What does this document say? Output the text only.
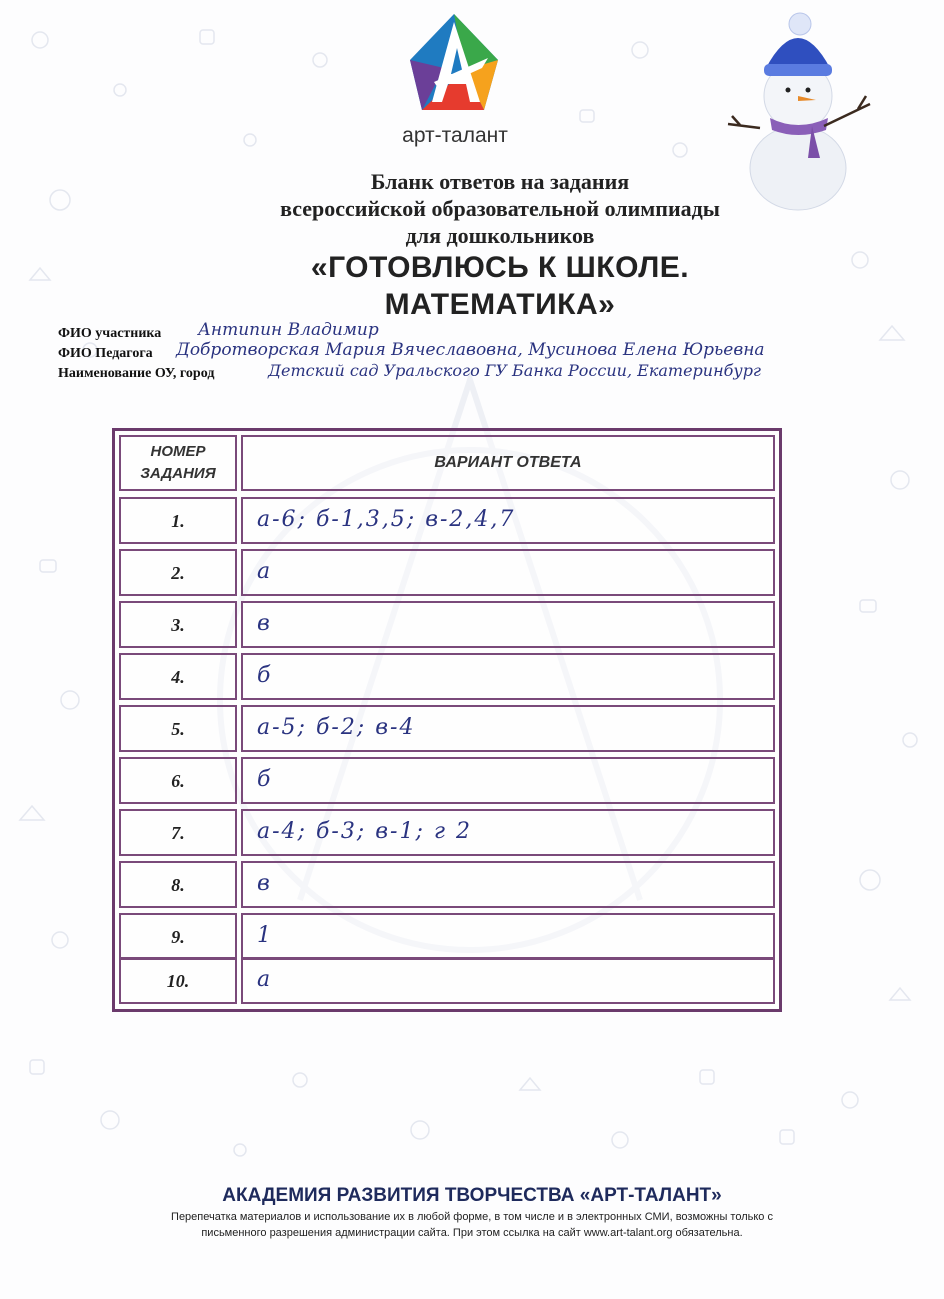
арт-талант
Бланк ответов на задания
всероссийской образовательной олимпиады
для дошкольников
«ГОТОВЛЮСЬ К ШКОЛЕ.
МАТЕМАТИКА»
ФИО участника Антипин Владимир
ФИО Педагога Добротворская Мария Вячеславовна, Мусинова Елена Юрьевна
Наименование ОУ, город	Детский сад Уральского ГУ Банка России, Екатеринбург
НОМЕР
ЗАДАНИЯ
ВАРИАНТ ОТВЕТА
1.	а-6; б-1,3,5; в-2,4,7
2.	а
3.	в
4.	б
5.	а-5; б-2; в-4
6.	б
7.	а-4; б-3; в-1; г 2
8.	в
9.	1
10.	а
АКАДЕМИЯ РАЗВИТИЯ ТВОРЧЕСТВА «АРТ-ТАЛАНТ»
Перепечатка материалов и использование их в любой форме, в том числе и в электронных СМИ, возможны только с
письменного разрешения администрации сайта. При этом ссылка на сайт www.art-talant.org обязательна.
